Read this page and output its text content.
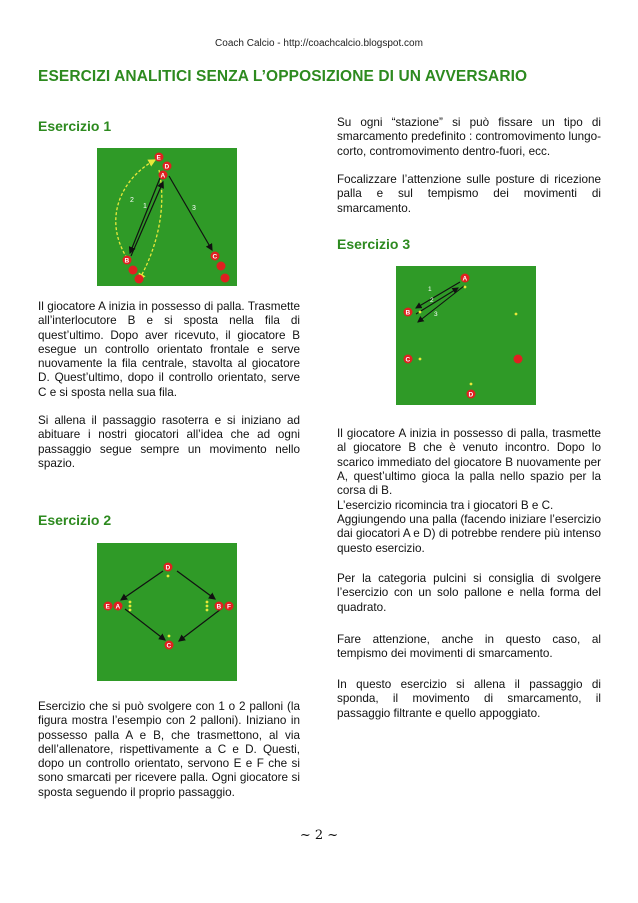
Coach Calcio - http://coachcalcio.blogspot.com
ESERCIZI ANALITICI SENZA L’OPPOSIZIONE DI UN AVVERSARIO
Esercizio 1
1
2
3
E
D
A
B
C

Il giocatore A inizia in possesso di palla. Trasmette all’interlocutore B e si sposta nella fila di quest’ultimo. Dopo aver ricevuto, il giocatore B esegue un controllo orientato frontale e serve nuovamente la fila centrale, stavolta al giocatore D. Quest’ultimo, dopo il controllo orientato, serve C e si sposta nella sua fila.

Si allena il passaggio rasoterra e si iniziano ad abituare i nostri giocatori all’idea che ad ogni passaggio segue sempre un movimento nello spazio.

Esercizio 2
D
E A	B F
C

Esercizio che si può svolgere con 1 o 2 palloni (la figura mostra l’esempio con 2 palloni). Iniziano in possesso palla A e B, che trasmettono, al via dell’allenatore, rispettivamente a C e D. Questi, dopo un controllo orientato, servono E e F che si sono smarcati per ricevere palla. Ogni giocatore si sposta seguendo il proprio passaggio.

Su ogni “stazione” si può fissare un tipo di smarcamento predefinito : contromovimento lungo-corto, contromovimento dentro-fuori, ecc.

Focalizzare l’attenzione sulle posture di ricezione palla e sul tempismo dei movimenti di smarcamento.

Esercizio 3
1
2
3
A
B
C
D

Il giocatore A inizia in possesso di palla, trasmette al giocatore B che è venuto incontro. Dopo lo scarico immediato del giocatore B nuovamente per A, quest’ultimo gioca la palla nello spazio per la corsa di B.

L’esercizio ricomincia tra i giocatori B e C.

Aggiungendo una palla (facendo iniziare l’esercizio dai giocatori A e D) di potrebbe rendere più intenso questo esercizio.

Per la categoria pulcini si consiglia di svolgere l’esercizio con un solo pallone e nella forma del quadrato.

Fare attenzione, anche in questo caso, al tempismo dei movimenti di smarcamento.

In questo esercizio si allena il passaggio di sponda, il movimento di smarcamento, il passaggio filtrante e quello appoggiato.

~ 2 ~
